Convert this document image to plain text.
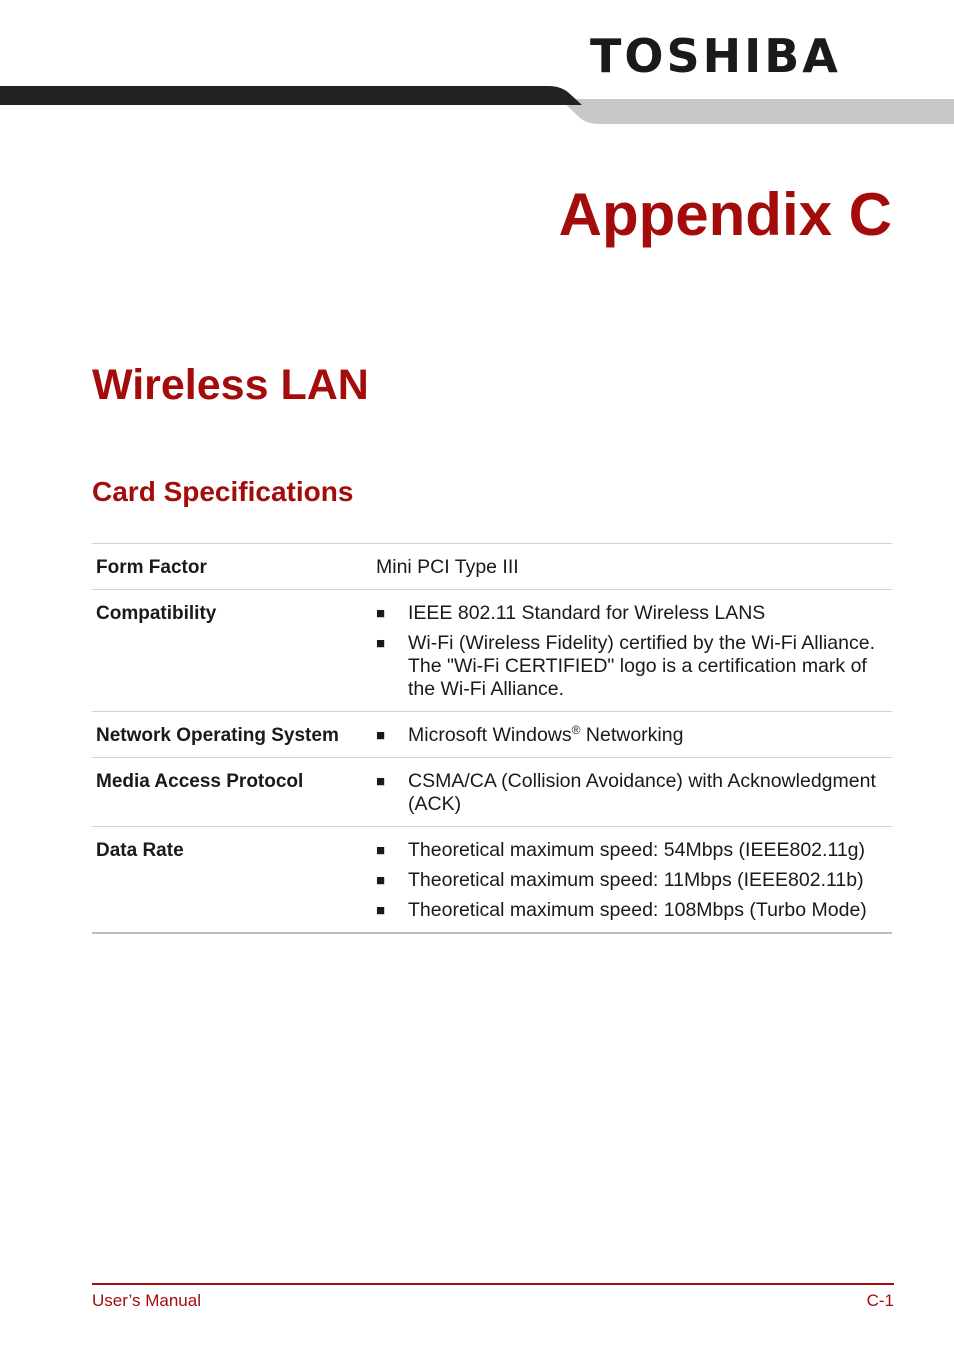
TOSHIBA
Appendix C
Wireless LAN
Card Specifications
Form Factor	Mini PCI Type III
Compatibility	■	IEEE 802.11 Standard for Wireless LANS
■	Wi-Fi (Wireless Fidelity) certified by the Wi-Fi Alliance. The "Wi-Fi CERTIFIED" logo is a certification mark of the Wi-Fi Alliance.
Network Operating System	■	Microsoft Windows® Networking
Media Access Protocol	■	CSMA/CA (Collision Avoidance) with Acknowledgment (ACK)
Data Rate	■	Theoretical maximum speed: 54Mbps (IEEE802.11g)
■	Theoretical maximum speed: 11Mbps (IEEE802.11b)
■	Theoretical maximum speed: 108Mbps (Turbo Mode)
User’s Manual	C-1
